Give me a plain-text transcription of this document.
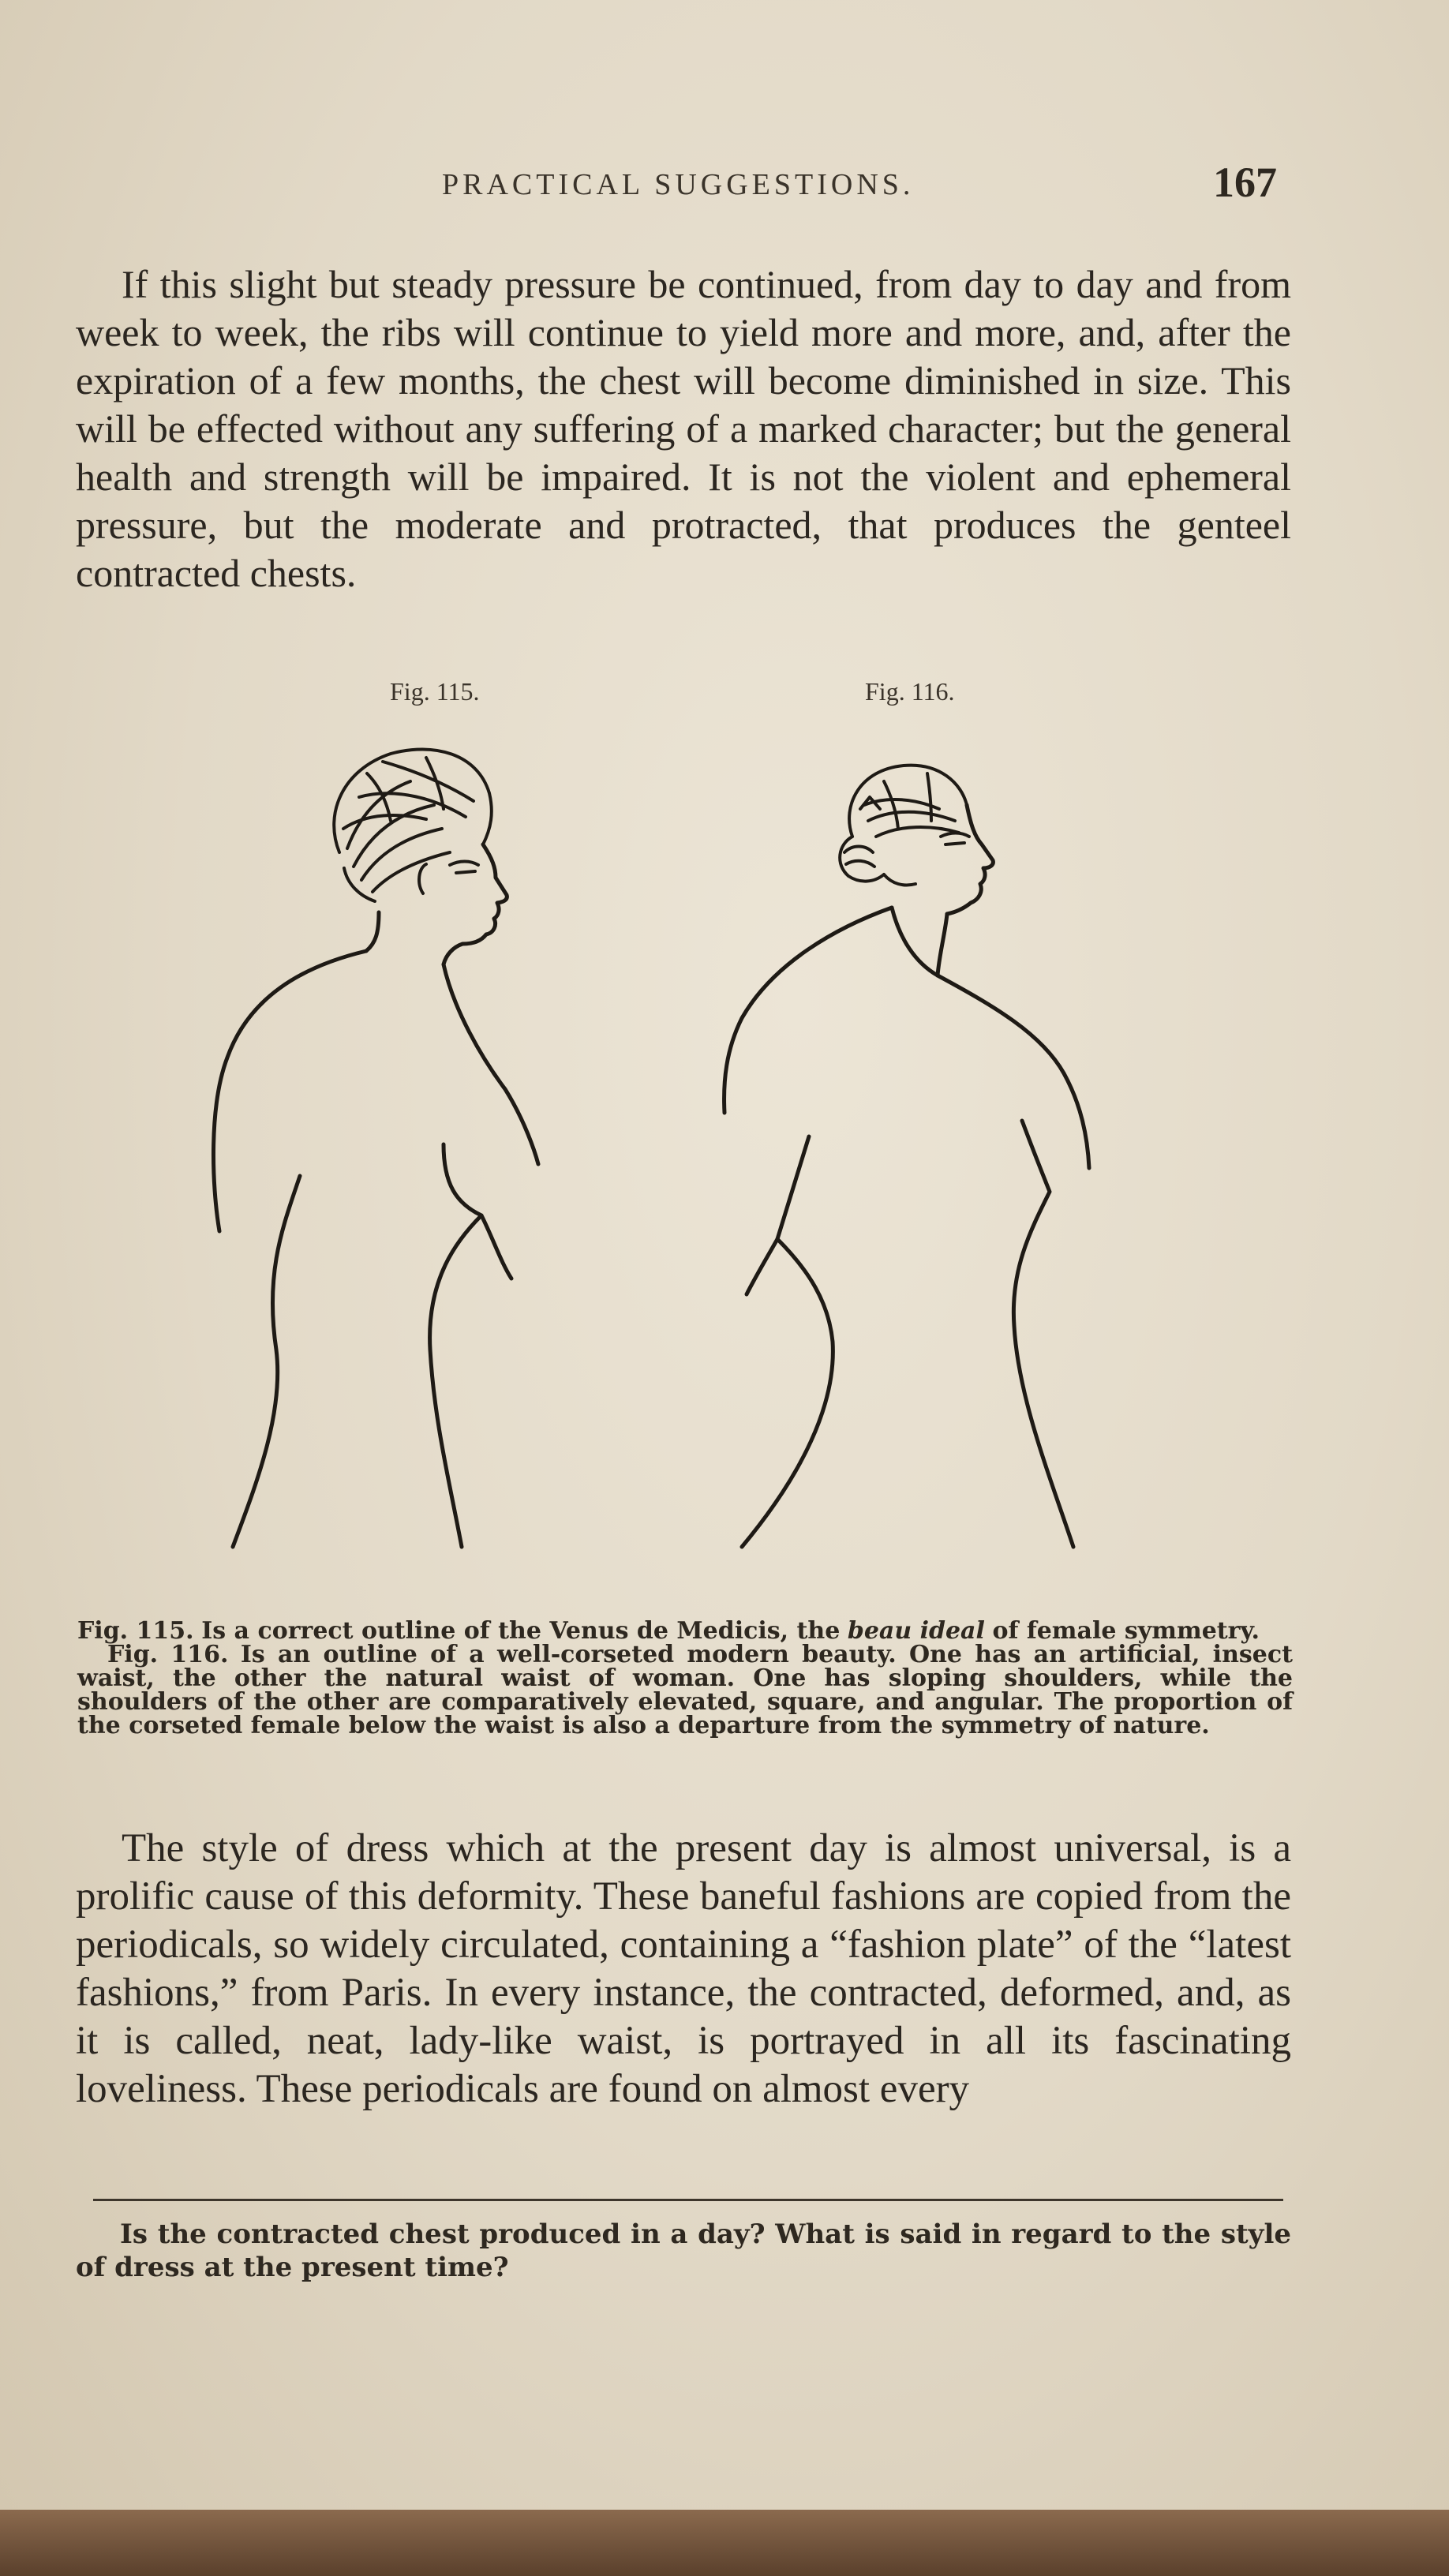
PRACTICAL SUGGESTIONS.	167

If this slight but steady pressure be continued, from day to day and from week to week, the ribs will continue to yield more and more, and, after the expiration of a few months, the chest will become diminished in size. This will be effected without any suffering of a marked character; but the general health and strength will be impaired. It is not the violent and ephemeral pressure, but the moderate and protracted, that produces the genteel contracted chests.

Fig. 115.	Fig. 116.

Fig. 115. Is a correct outline of the Venus de Medicis, the beau ideal of female symmetry.

Fig. 116. Is an outline of a well-corseted modern beauty. One has an artificial, insect waist, the other the natural waist of woman. One has sloping shoulders, while the shoulders of the other are comparatively elevated, square, and angular. The proportion of the corseted female below the waist is also a departure from the symmetry of nature.

The style of dress which at the present day is almost universal, is a prolific cause of this deformity. These baneful fashions are copied from the periodicals, so widely circulated, containing a “fashion plate” of the “latest fashions,” from Paris. In every instance, the contracted, deformed, and, as it is called, neat, lady-like waist, is portrayed in all its fascinating loveliness. These periodicals are found on almost every

Is the contracted chest produced in a day? What is said in regard to the style of dress at the present time?
